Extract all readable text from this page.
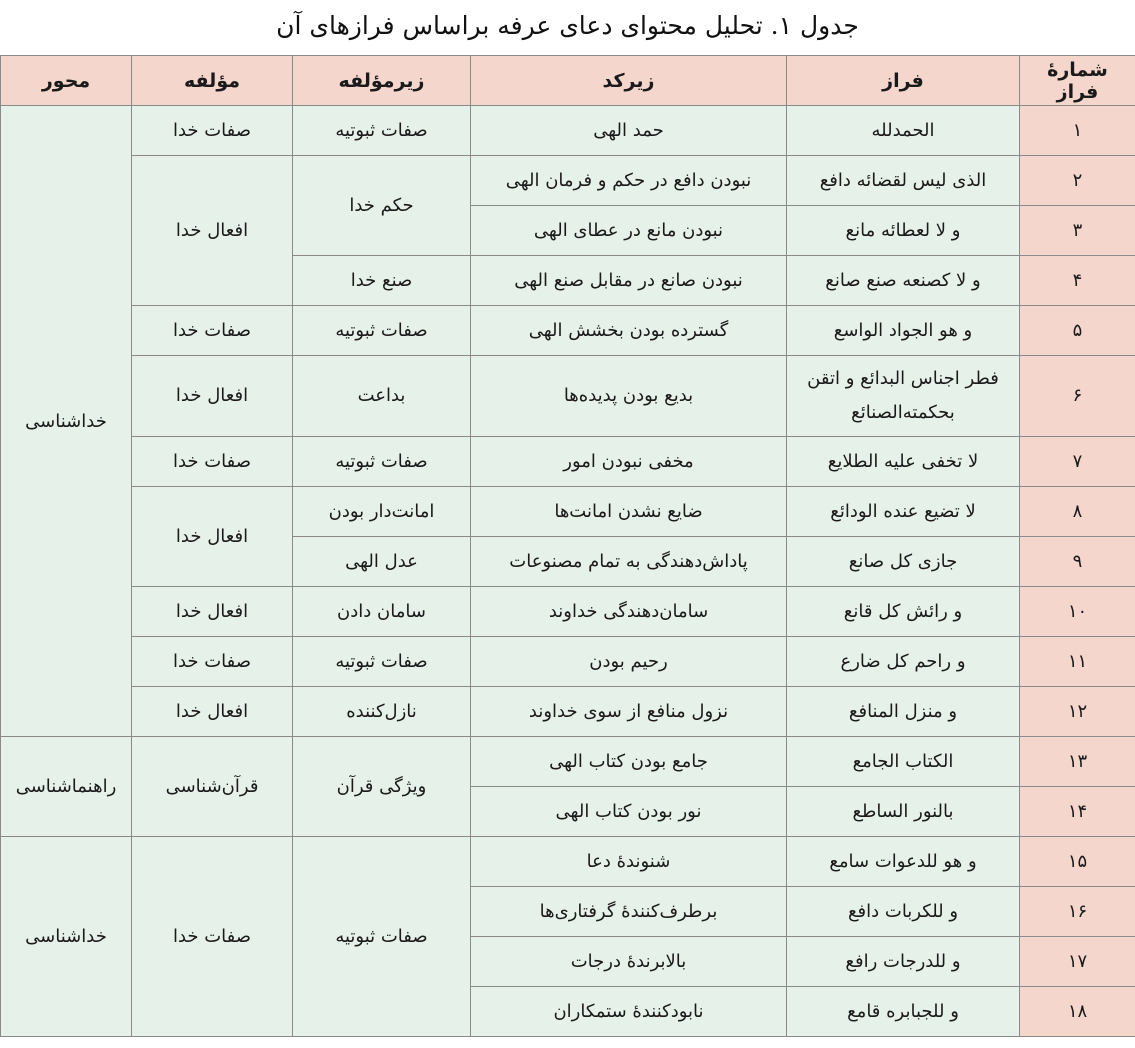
جدول ۱. تحلیل محتوای دعای عرفه براساس فرازهای آن
شمارۀ فراز	فراز	زیرکد	زیرمؤلفه	مؤلفه	محور
۱	الحمدلله	حمد الهی	صفات ثبوتیه	صفات خدا	خداشناسی
۲	الذی لیس لقضائه دافع	نبودن دافع در حکم و فرمان الهی	حکم خدا	افعال خدا	
۳	و لا لعطائه مانع	نبودن مانع در عطای الهی			
۴	و لا کصنعه صنع صانع	نبودن صانع در مقابل صنع الهی	صنع خدا		
۵	و هو الجواد الواسع	گسترده بودن بخشش الهی	صفات ثبوتیه	صفات خدا	
۶	فطر اجناس البدائع و اتقن بحکمته‌الصنائع	بدیع بودن پدیده‌ها	بداعت	افعال خدا	
۷	لا تخفی علیه الطلایع	مخفی نبودن امور	صفات ثبوتیه	صفات خدا	
۸	لا تضیع عنده الودائع	ضایع نشدن امانت‌ها	امانت‌دار بودن	افعال خدا	
۹	جازی کل صانع	پاداش‌دهندگی به تمام مصنوعات	عدل الهی		
۱۰	و رائش کل قانع	سامان‌دهندگی خداوند	سامان دادن	افعال خدا	
۱۱	و راحم کل ضارع	رحیم بودن	صفات ثبوتیه	صفات خدا	
۱۲	و منزل المنافع	نزول منافع از سوی خداوند	نازل‌کننده	افعال خدا	
۱۳	الکتاب الجامع	جامع بودن کتاب الهی	ویژگی قرآن	قرآن‌شناسی	راهنماشناسی
۱۴	بالنور الساطع	نور بودن کتاب الهی			
۱۵	و هو للدعوات سامع	شنوندۀ دعا	صفات ثبوتیه	صفات خدا	خداشناسی
۱۶	و للکربات دافع	برطرف‌کنندۀ گرفتاری‌ها			
۱۷	و للدرجات رافع	بالابرندۀ درجات			
۱۸	و للجبابره قامع	نابودکنندۀ ستمکاران			
